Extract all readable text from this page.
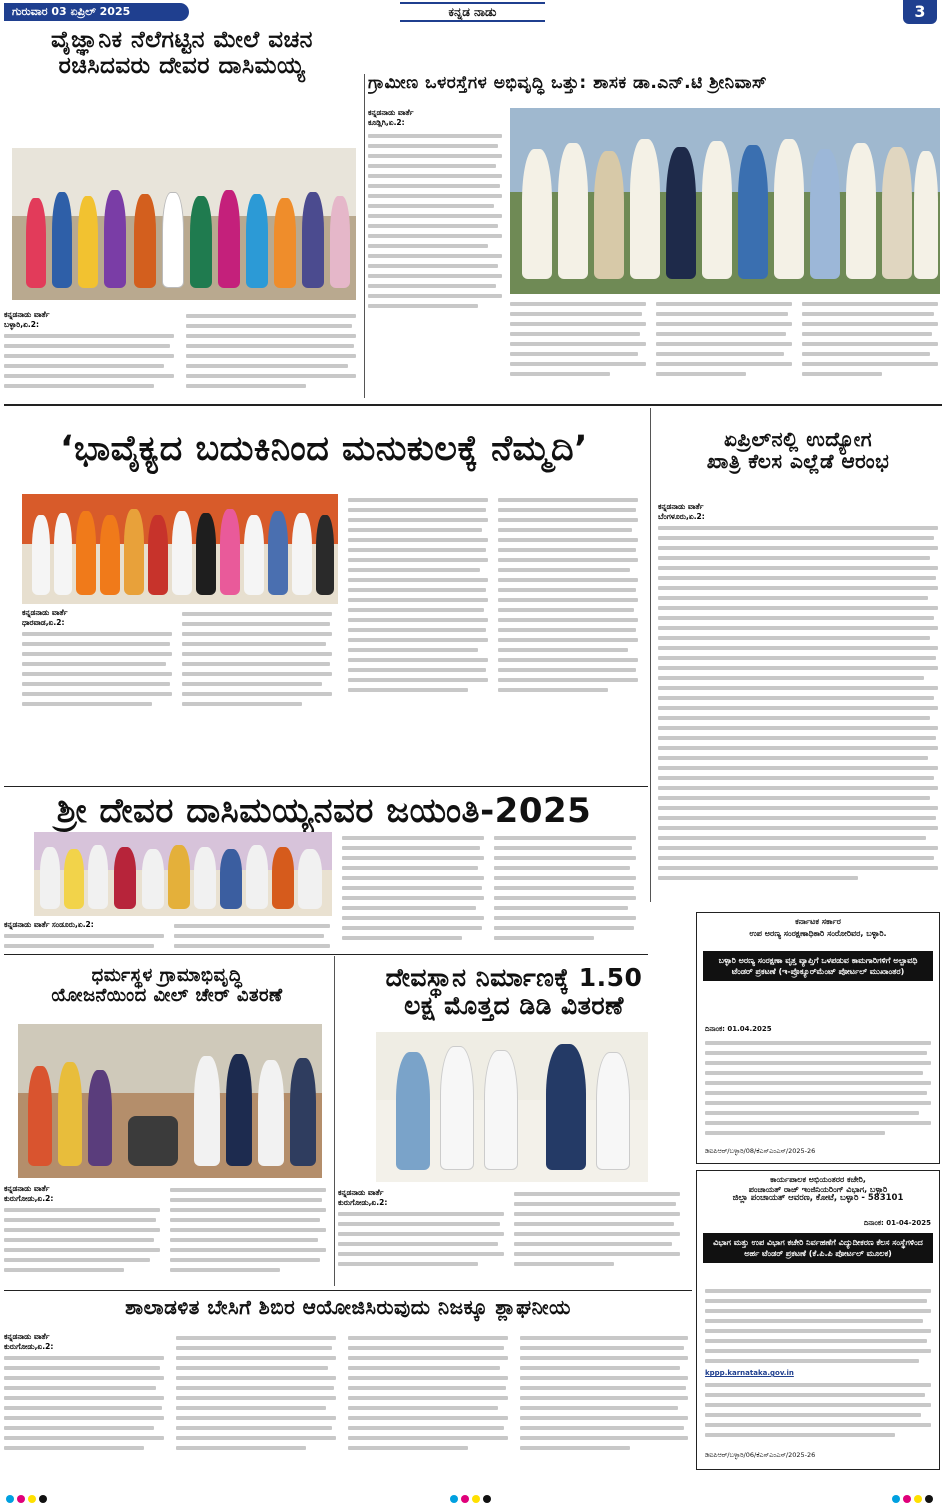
ಗುರುವಾರ 03 ಏಪ್ರಿಲ್ 2025	ಕನ್ನಡ ನಾಡು	3
ವೈಜ್ಞಾನಿಕ ನೆಲೆಗಟ್ಟಿನ ಮೇಲೆ ವಚನ
ರಚಿಸಿದವರು ದೇವರ ದಾಸಿಮಯ್ಯ
ಕನ್ನಡನಾಡು ವಾರ್ತೆ
ಬಳ್ಳಾರಿ,ಏ.2:
ಗ್ರಾಮೀಣ ಒಳರಸ್ತೆಗಳ ಅಭಿವೃದ್ಧಿ ಒತ್ತು: ಶಾಸಕ ಡಾ.ಎನ್.ಟಿ ಶ್ರೀನಿವಾಸ್
ಕನ್ನಡನಾಡು ವಾರ್ತೆ
ಕೂಡ್ಲಿಗಿ,ಏ.2:
‘ಭಾವೈಕ್ಯದ ಬದುಕಿನಿಂದ ಮನುಕುಲಕ್ಕೆ ನೆಮ್ಮದಿ’
ಕನ್ನಡನಾಡು ವಾರ್ತೆ
ಧಾರವಾಡ,ಏ.2:
ಏಪ್ರಿಲ್‌ನಲ್ಲಿ ಉದ್ಯೋಗ
ಖಾತ್ರಿ ಕೆಲಸ ಎಲ್ಲೆಡೆ ಆರಂಭ
ಕನ್ನಡನಾಡು ವಾರ್ತೆ
ಬೆಂಗಳೂರು,ಏ.2:
ಶ್ರೀ ದೇವರ ದಾಸಿಮಯ್ಯನವರ ಜಯಂತಿ-2025
ಕನ್ನಡನಾಡು ವಾರ್ತೆ ಸಂಡೂರು,ಏ.2:
ಧರ್ಮಸ್ಥಳ ಗ್ರಾಮಾಭಿವೃದ್ಧಿ
ಯೋಜನೆಯಿಂದ ವೀಲ್ ಚೇರ್ ವಿತರಣೆ
ಕನ್ನಡನಾಡು ವಾರ್ತೆ
ಕುರುಗೋಡು,ಏ.2:
ದೇವಸ್ಥಾನ ನಿರ್ಮಾಣಕ್ಕೆ 1.50
ಲಕ್ಷ ಮೊತ್ತದ ಡಿಡಿ ವಿತರಣೆ
ಕನ್ನಡನಾಡು ವಾರ್ತೆ
ಕುರುಗೋಡು,ಏ.2:
ಕರ್ನಾಟಕ ಸರ್ಕಾರ
ಉಪ ಅರಣ್ಯ ಸಂರಕ್ಷಣಾಧಿಕಾರಿ ಸಂರೋರಿವರ, ಬಳ್ಳಾರಿ.
ಬಳ್ಳಾರಿ ಅರಣ್ಯ ಸಂರಕ್ಷಣಾ ವೃತ್ತ ವ್ಯಾಪ್ತಿಗೆ ಒಳಪಡುವ ಕಾಮಗಾರಿಗಳಿಗೆ ಅಲ್ಪಾವಧಿ ಟೆಂಡರ್ ಪ್ರಕಟಣೆ (ಇ-ಪ್ರೊಕ್ಯೂರ್‌ಮೆಂಟ್ ಪೋರ್ಟಲ್ ಮುಖಾಂತರ)
ದಿನಾಂಕ: 01.04.2025
ಡಿಐಪಿಆರ್/ಬಳ್ಳಾರಿ/08/ಕೆಎಸ್‌ಎಂಎಸ್/2025-26
ಕಾರ್ಯಪಾಲಕ ಅಭಿಯಂತರರ ಕಚೇರಿ,
ಪಂಚಾಯತ್ ರಾಜ್ ಇಂಜಿನಿಯರಿಂಗ್ ವಿಭಾಗ, ಬಳ್ಳಾರಿ
ಜಿಲ್ಲಾ ಪಂಚಾಯತ್ ಆವರಣ, ಕೋಟೆ, ಬಳ್ಳಾರಿ - 583101
ದಿನಾಂಕ: 01-04-2025
ವಿಭಾಗ ಮತ್ತು ಉಪ ವಿಭಾಗ ಕಚೇರಿ ನಿರ್ವಹಣೆಗೆ ವಿದ್ಯುದೀಕರಣ ಕೆಲಸ ಸಂಸ್ಥೆಗಳಿಂದ ಅರ್ಹ ಟೆಂಡರ್ ಪ್ರಕಟಣೆ (ಕೆ.ಪಿ.ಪಿ ಪೋರ್ಟಲ್ ಮೂಲಕ)
kppp.karnataka.gov.in
ಡಿಐಪಿಆರ್/ಬಳ್ಳಾರಿ/06/ಕೆಎಸ್‌ಎಂಎಸ್/2025-26
ಶಾಲಾಡಳಿತ ಬೇಸಿಗೆ ಶಿಬಿರ ಆಯೋಜಿಸಿರುವುದು ನಿಜಕ್ಕೂ ಶ್ಲಾಘನೀಯ
ಕನ್ನಡನಾಡು ವಾರ್ತೆ
ಕುರುಗೋಡು,ಏ.2:
